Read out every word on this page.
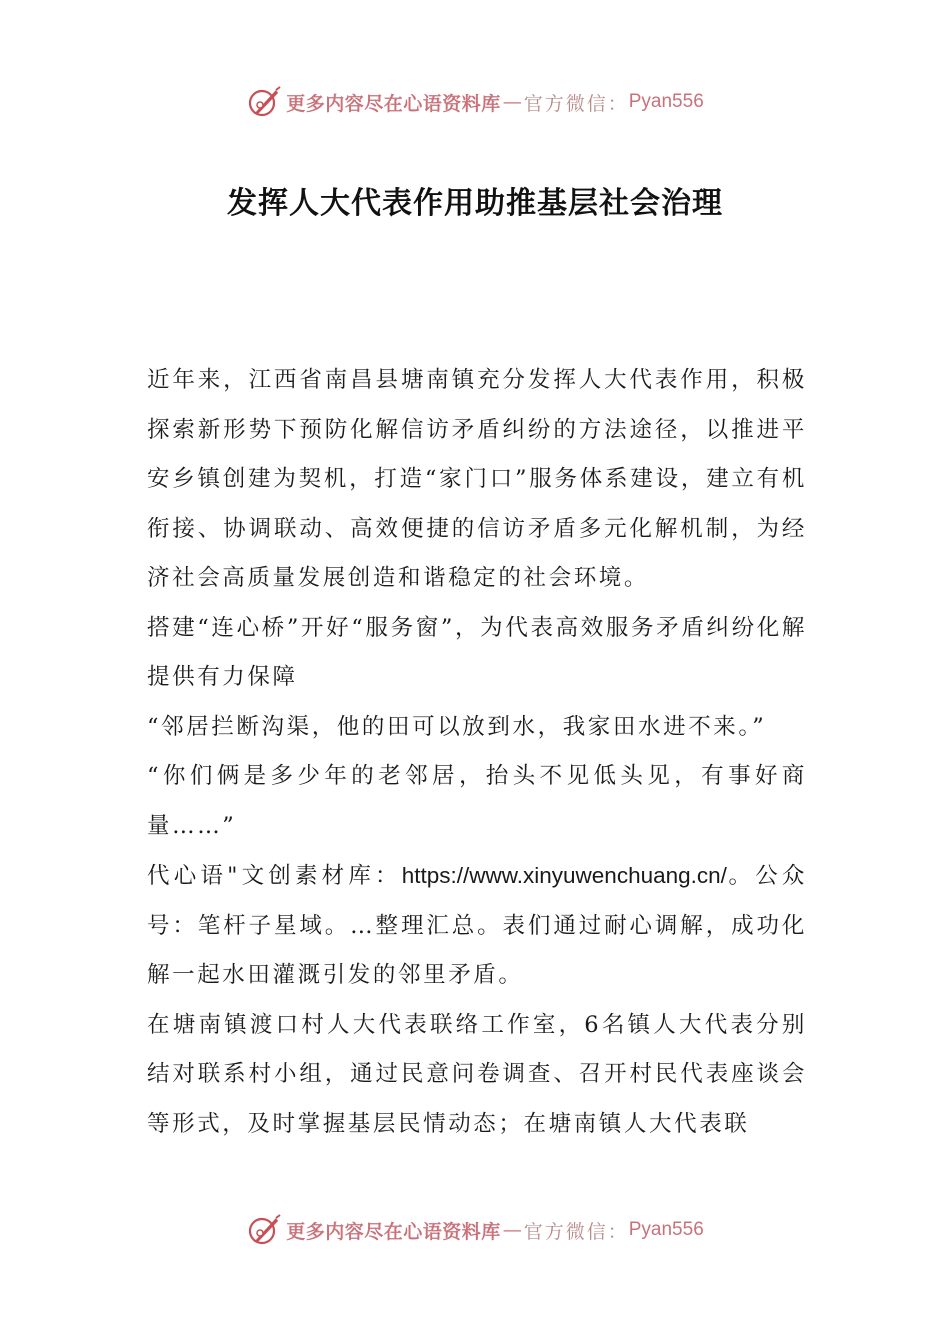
更多内容尽在心语资料库 — 官方微信： Pyan556
发挥人大代表作用助推基层社会治理

近年来，江西省南昌县塘南镇充分发挥人大代表作用，积极探索新形势下预防化解信访矛盾纠纷的方法途径，以推进平安乡镇创建为契机，打造“家门口”服务体系建设，建立有机衔接、协调联动、高效便捷的信访矛盾多元化解机制，为经济社会高质量发展创造和谐稳定的社会环境。

搭建“连心桥”开好“服务窗”，为代表高效服务矛盾纠纷化解提供有力保障

“邻居拦断沟渠，他的田可以放到水，我家田水进不来。”

“你们俩是多少年的老邻居，抬头不见低头见，有事好商量……”

代心语"文创素材库：https://www.xinyuwenchuang.cn/。公众号：笔杆子星域。…整理汇总。表们通过耐心调解，成功化解一起水田灌溉引发的邻里矛盾。

在塘南镇渡口村人大代表联络工作室，6名镇人大代表分别结对联系村小组，通过民意问卷调查、召开村民代表座谈会等形式，及时掌握基层民情动态；在塘南镇人大代表联

更多内容尽在心语资料库 — 官方微信： Pyan556
